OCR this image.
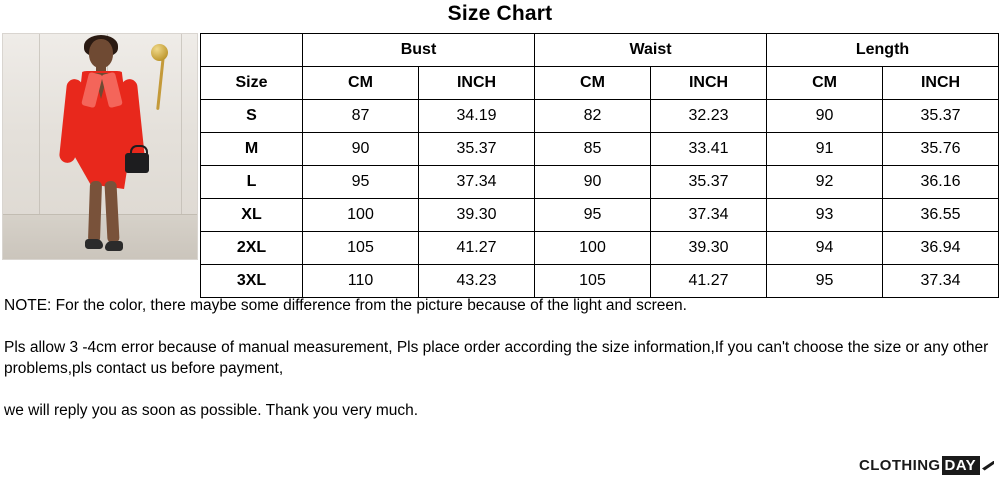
Size Chart
	Bust		Waist		Length	
Size	CM	INCH	CM	INCH	CM	INCH
S	87	34.19	82	32.23	90	35.37
M	90	35.37	85	33.41	91	35.76
L	95	37.34	90	35.37	92	36.16
XL	100	39.30	95	37.34	93	36.55
2XL	105	41.27	100	39.30	94	36.94
3XL	110	43.23	105	41.27	95	37.34
NOTE: For the color, there maybe some difference from the picture because of the light and screen.
Pls allow 3 -4cm error because of manual measurement, Pls place order according the size information,If you can't choose the size or any other problems,pls contact us before payment,
we will reply you as soon as possible. Thank you very much.
CLOTHING DAY
